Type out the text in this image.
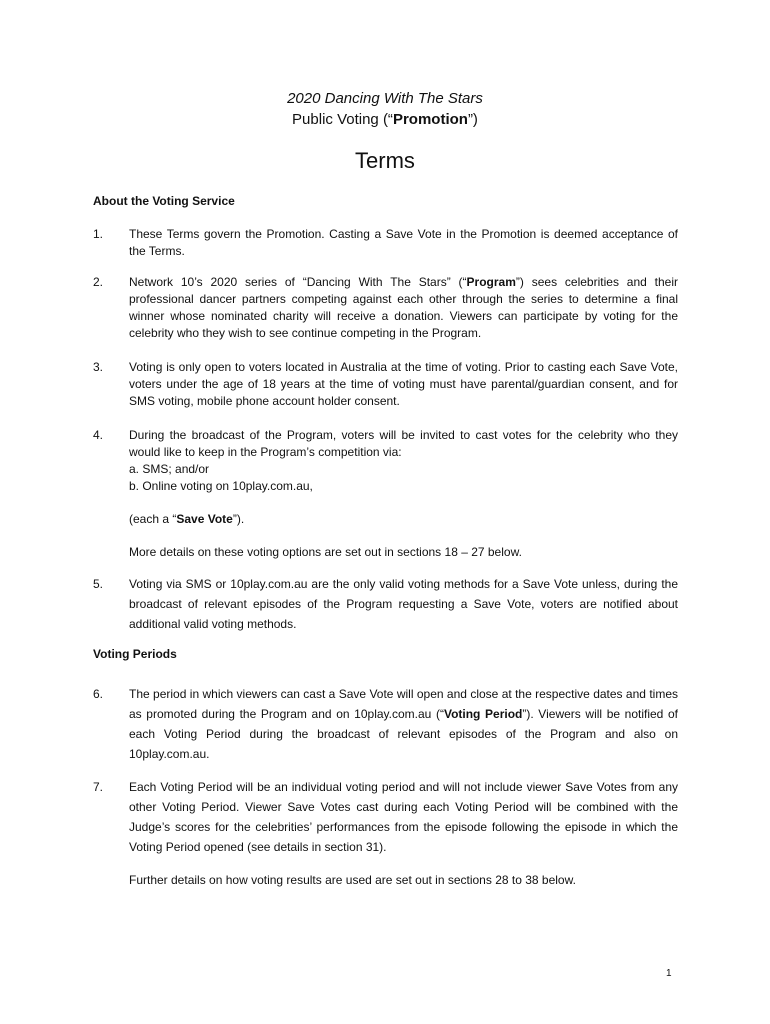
2020 Dancing With The Stars
Public Voting (“Promotion”)
Terms
About the Voting Service
1.	These Terms govern the Promotion. Casting a Save Vote in the Promotion is deemed acceptance of the Terms.
2.	Network 10’s 2020 series of “Dancing With The Stars” (“Program”) sees celebrities and their professional dancer partners competing against each other through the series to determine a final winner whose nominated charity will receive a donation. Viewers can participate by voting for the celebrity who they wish to see continue competing in the Program.
3.	Voting is only open to voters located in Australia at the time of voting. Prior to casting each Save Vote, voters under the age of 18 years at the time of voting must have parental/guardian consent, and for SMS voting, mobile phone account holder consent.
4.	During the broadcast of the Program, voters will be invited to cast votes for the celebrity who they would like to keep in the Program’s competition via:
a. SMS; and/or
b. Online voting on 10play.com.au,
(each a “Save Vote”).
More details on these voting options are set out in sections 18 – 27 below.
5.	Voting via SMS or 10play.com.au are the only valid voting methods for a Save Vote unless, during the broadcast of relevant episodes of the Program requesting a Save Vote, voters are notified about additional valid voting methods.
Voting Periods
6.	The period in which viewers can cast a Save Vote will open and close at the respective dates and times as promoted during the Program and on 10play.com.au (“Voting Period”). Viewers will be notified of each Voting Period during the broadcast of relevant episodes of the Program and also on 10play.com.au.
7.	Each Voting Period will be an individual voting period and will not include viewer Save Votes from any other Voting Period. Viewer Save Votes cast during each Voting Period will be combined with the Judge’s scores for the celebrities’ performances from the episode following the episode in which the Voting Period opened (see details in section 31).
Further details on how voting results are used are set out in sections 28 to 38 below.
1
